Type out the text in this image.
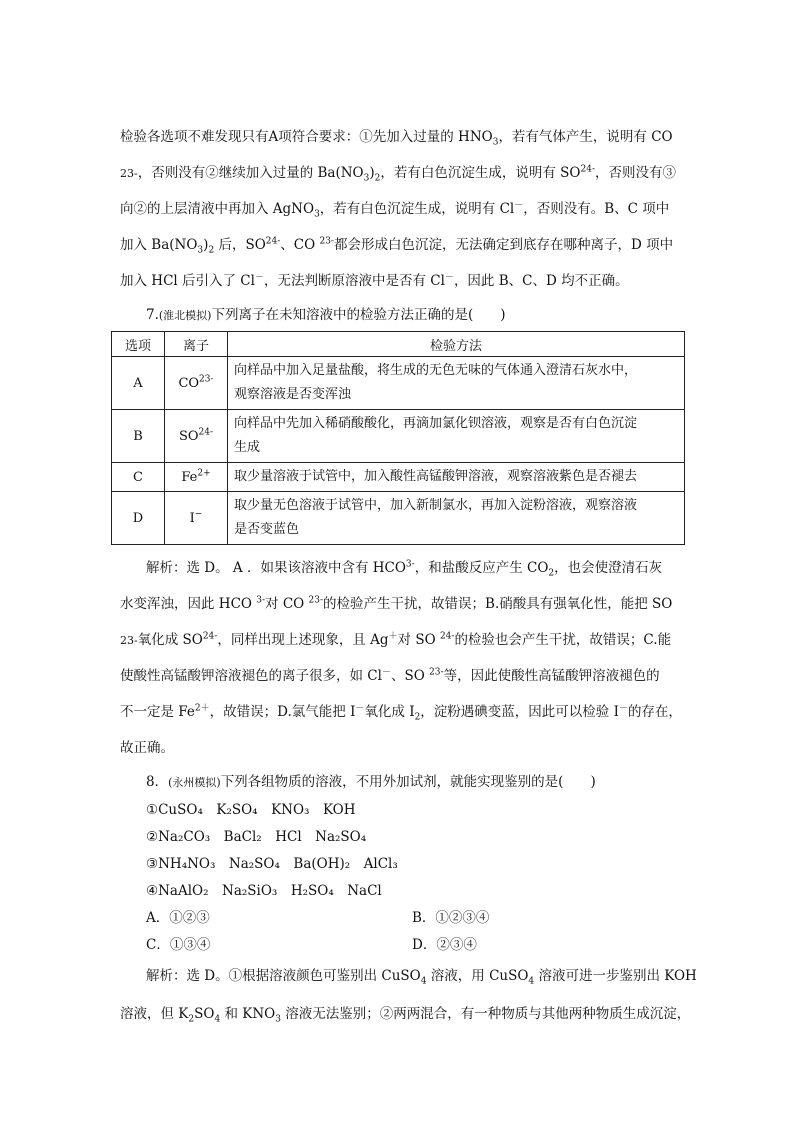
检验各选项不难发现只有A项符合要求：①先加入过量的 $HNO_3$，若有气体产生，说明有 CO
23-，否则没有②继续加入过量的 $Ba(NO_3)_2$，若有白色沉淀生成，说明有 $SO^{24-}$，否则没有③
向②的上层清液中再加入 AgNO$_3$，若有白色沉淀生成，说明有 Cl－，否则没有。B、C 项中
加入 $Ba(NO_3)_2$ 后，$SO^{24-}$、CO $^{23-}$都会形成白色沉淀，无法确定到底存在哪种离子，D 项中
加入 HCl 后引入了 Cl－，无法判断原溶液中是否有 Cl－，因此 B、C、D 均不正确。
7.(淮北模拟)下列离子在未知溶液中的检验方法正确的是(　　)
选项	离子	检验方法
A	$CO^{23-}$	向样品中加入足量盐酸，将生成的无色无味的气体通入澄清石灰水中，
观察溶液是否变浑浊

B	$SO^{24-}$	向样品中先加入稀硝酸酸化，再滴加氯化钡溶液，观察是否有白色沉淀
生成

C	$Fe^{2+}$	取少量溶液于试管中，加入酸性高锰酸钾溶液，观察溶液紫色是否褪去

D	I−	取少量无色溶液于试管中，加入新制氯水，再加入淀粉溶液，观察溶液
是否变蓝色
解析：选 D。 A ．如果该溶液中含有 $HCO^{3-}$，和盐酸反应产生 $CO_2$，也会使澄清石灰
水变浑浊，因此 HCO $^{3-}$对 CO $^{23-}$的检验产生干扰，故错误；B.硝酸具有强氧化性，能把 SO
23-氧化成 $SO^{24-}$，同样出现上述现象，且 Ag＋对 SO $^{24-}$的检验也会产生干扰，故错误；C.能
使酸性高锰酸钾溶液褪色的离子很多，如 Cl－、SO $^{23-}$等，因此使酸性高锰酸钾溶液褪色的
不一定是 $Fe^{2+}$，故错误；D.氯气能把 I－氧化成 $I_2$，淀粉遇碘变蓝，因此可以检验 I－的存在，
故正确。
8．(永州模拟)下列各组物质的溶液，不用外加试剂，就能实现鉴别的是(　　)
①CuSO₄　K₂SO₄　KNO₃　KOH
②Na₂CO₃　BaCl₂　HCl　Na₂SO₄
③NH₄NO₃　Na₂SO₄　Ba(OH)₂　AlCl₃
④NaAlO₂　Na₂SiO₃　H₂SO₄　NaCl
A．①②③	B．①②③④
C．①③④	D．②③④
解析：选 D。①根据溶液颜色可鉴别出 CuSO$_4$ 溶液，用 CuSO$_4$ 溶液可进一步鉴别出 KOH
溶液，但 $K_2SO_4$ 和 $KNO_3$ 溶液无法鉴别；②两两混合，有一种物质与其他两种物质生成沉淀，
